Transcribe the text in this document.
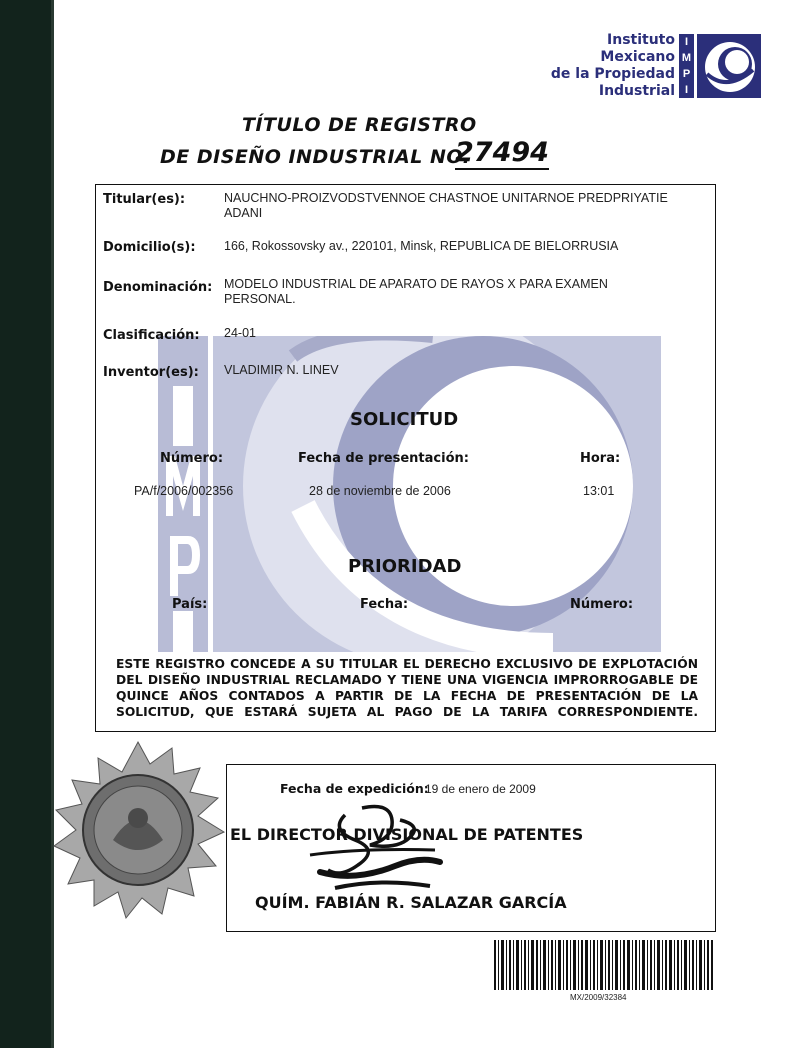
Instituto
Mexicano
de la Propiedad
Industrial
I
M
P
I
TÍTULO DE REGISTRO
DE DISEÑO INDUSTRIAL NO.
27494
Titular(es):	NAUCHNO-PROIZVODSTVENNOE CHASTNOE UNITARNOE PREDPRIYATIE
ADANI
Domicilio(s): 166, Rokossovsky av., 220101, Minsk, REPUBLICA DE BIELORRUSIA
Denominación: MODELO INDUSTRIAL DE APARATO DE RAYOS X PARA EXAMEN
PERSONAL.
Clasificación: 24-01
Inventor(es): VLADIMIR N. LINEV
SOLICITUD
Número:	Fecha de presentación:	Hora:
PA/f/2006/002356	28 de noviembre de 2006	13:01
PRIORIDAD
País:	Fecha:	Número:
ESTE REGISTRO CONCEDE A SU TITULAR EL DERECHO EXCLUSIVO DE EXPLOTACIÓN
DEL DISEÑO INDUSTRIAL RECLAMADO Y TIENE UNA VIGENCIA IMPRORROGABLE DE
QUINCE AÑOS CONTADOS A PARTIR DE LA FECHA DE PRESENTACIÓN DE LA
SOLICITUD, QUE ESTARÁ SUJETA AL PAGO DE LA TARIFA CORRESPONDIENTE.
Fecha de expedición:
19 de enero de 2009
EL DIRECTOR DIVISIONAL DE PATENTES
QUÍM. FABIÁN R. SALAZAR GARCÍA
MX/2009/32384
